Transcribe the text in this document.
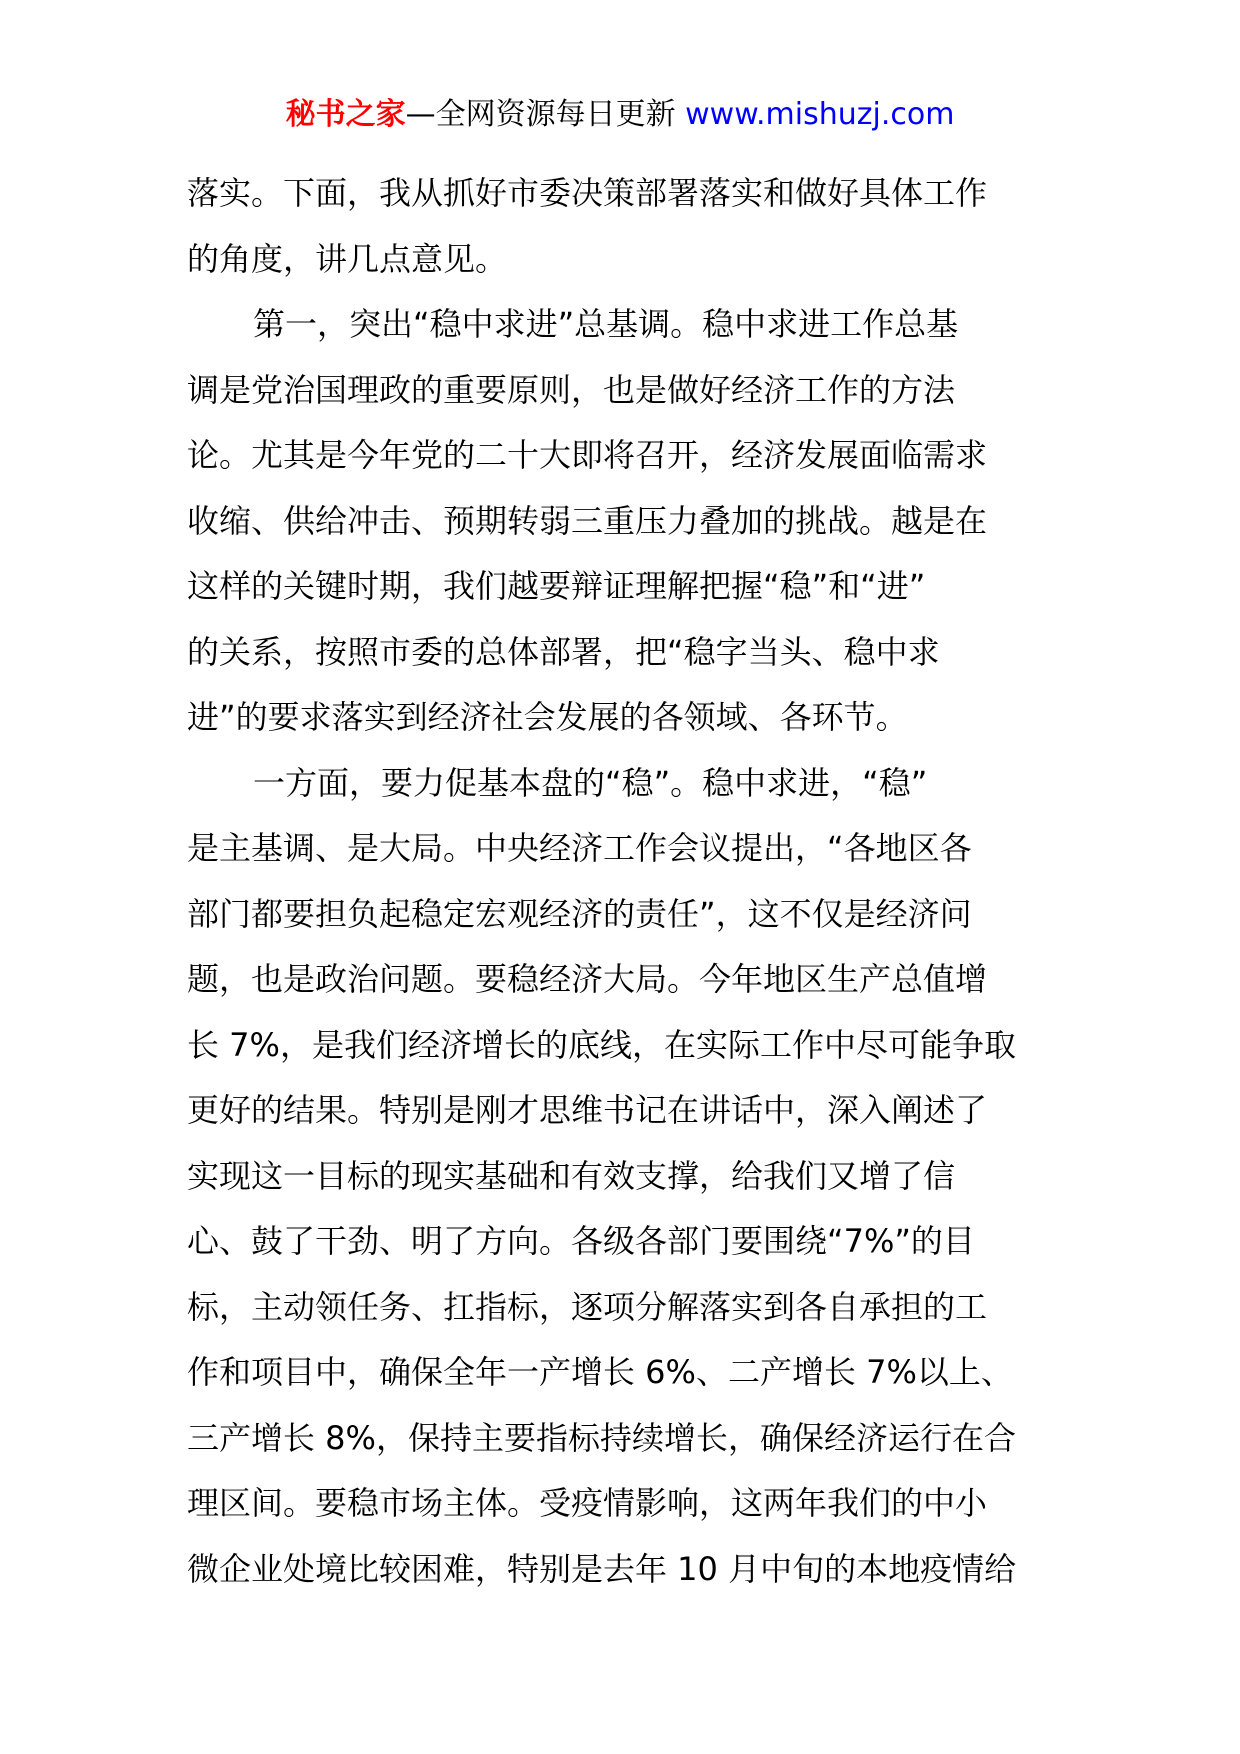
秘书之家—全网资源每日更新 www.mishuzj.com

落实。下面，我从抓好市委决策部署落实和做好具体工作
的角度，讲几点意见。

第一，突出“稳中求进”总基调。稳中求进工作总基
调是党治国理政的重要原则，也是做好经济工作的方法
论。尤其是今年党的二十大即将召开，经济发展面临需求
收缩、供给冲击、预期转弱三重压力叠加的挑战。越是在
这样的关键时期，我们越要辩证理解把握“稳”和“进”
的关系，按照市委的总体部署，把“稳字当头、稳中求
进”的要求落实到经济社会发展的各领域、各环节。

一方面，要力促基本盘的“稳”。稳中求进，“稳”
是主基调、是大局。中央经济工作会议提出，“各地区各
部门都要担负起稳定宏观经济的责任”，这不仅是经济问
题，也是政治问题。要稳经济大局。今年地区生产总值增
长 7%，是我们经济增长的底线，在实际工作中尽可能争取
更好的结果。特别是刚才思维书记在讲话中，深入阐述了
实现这一目标的现实基础和有效支撑，给我们又增了信
心、鼓了干劲、明了方向。各级各部门要围绕“7%”的目
标，主动领任务、扛指标，逐项分解落实到各自承担的工
作和项目中，确保全年一产增长 6%、二产增长 7%以上、
三产增长 8%，保持主要指标持续增长，确保经济运行在合
理区间。要稳市场主体。受疫情影响，这两年我们的中小
微企业处境比较困难，特别是去年 10 月中旬的本地疫情给
